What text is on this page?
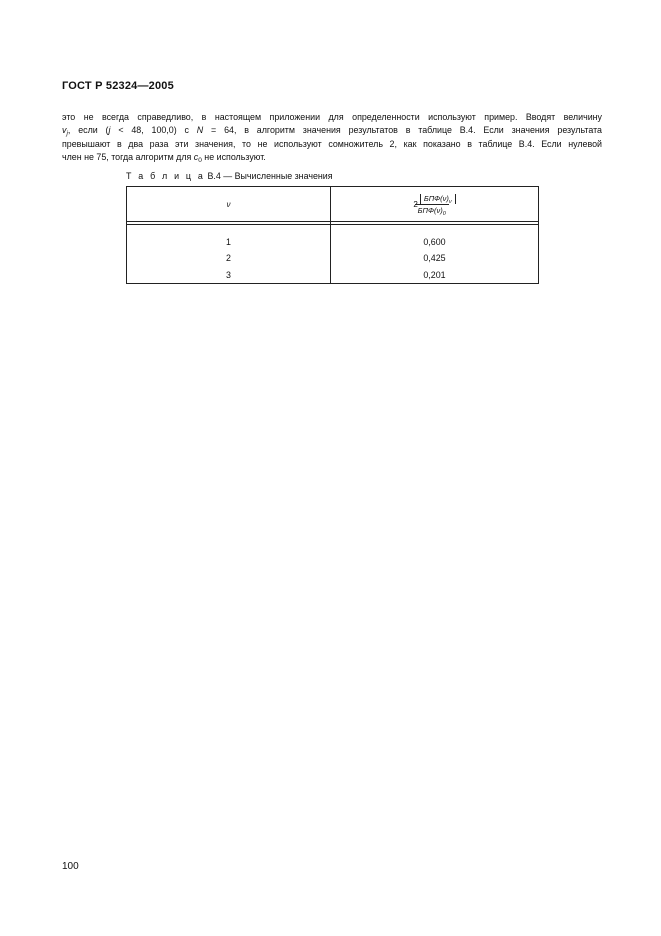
ГОСТ Р 52324—2005
это не всегда справедливо, в настоящем приложении для определенности используют пример. Вводят величину
$v_j$, если (j < 48, 100,0) с N = 64, в алгоритм значения результатов в таблице В.4. Если значения результата
превышают в два раза эти значения, то не используют сомножитель 2, как показано в таблице В.4. Если нулевой
член не 75, тогда алгоритм для $c_0$ не используют.
Т а б л и ц а В.4 — Вычисленные значения
ν	$2 \frac{БПФ(\nu)_\nu}{БПФ(\nu)_0}$

1	0,600
2	0,425
3	0,201
100
